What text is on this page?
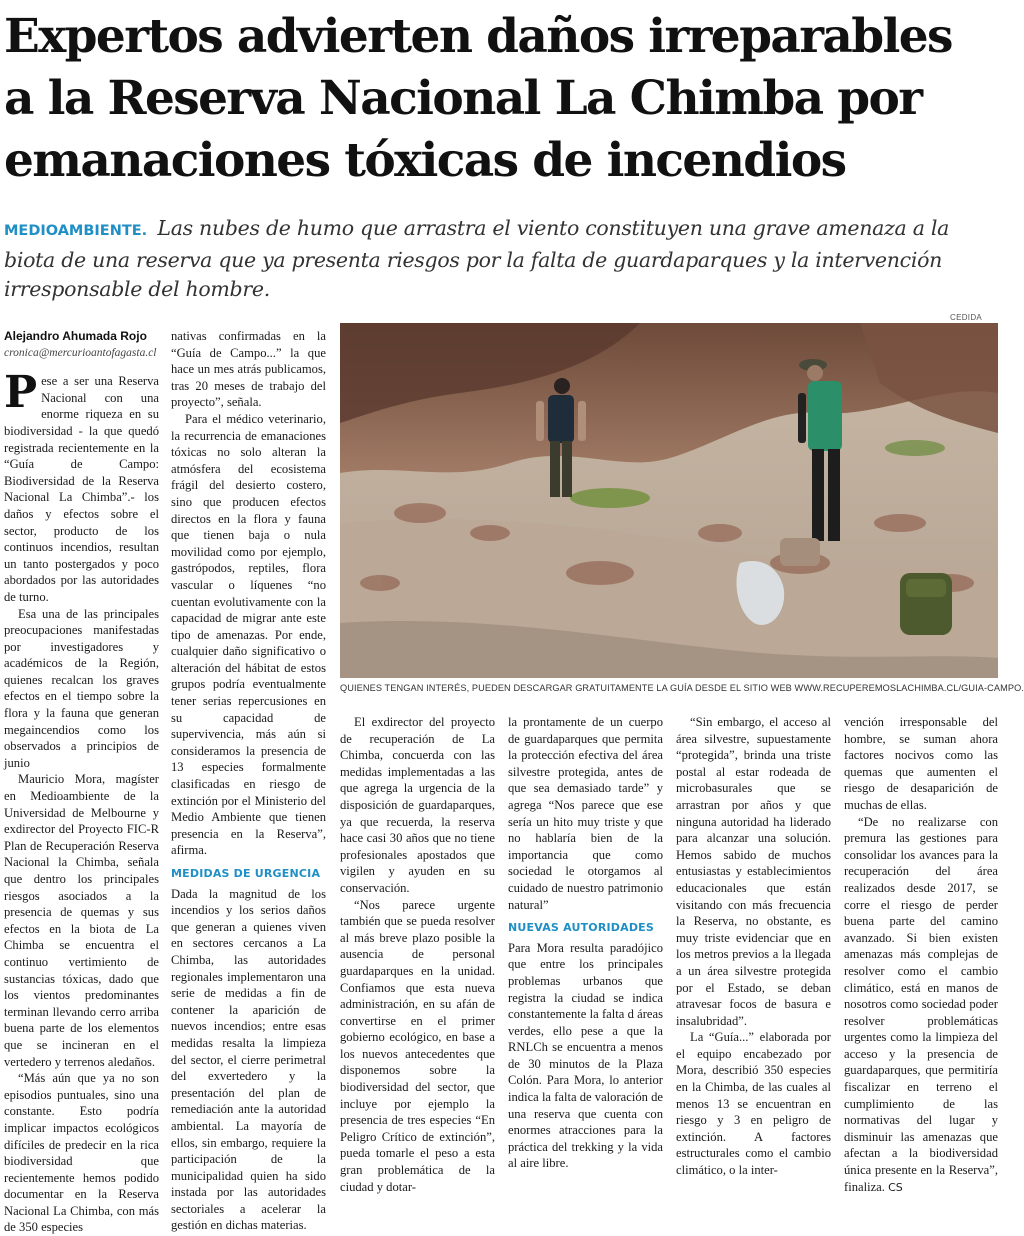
Expertos advierten daños irreparables
a la Reserva Nacional La Chimba por
emanaciones tóxicas de incendios
MEDIOAMBIENTE. Las nubes de humo que arrastra el viento constituyen una grave amenaza a la biota de una reserva que ya presenta riesgos por la falta de guardaparques y la intervención irresponsable del hombre.
Alejandro Ahumada Rojo
cronica@mercurioantofagasta.cl

Pese a ser una Reserva Nacional con una enorme riqueza en su biodiversidad - la que quedó registrada recientemente en la “Guía de Campo: Biodiversidad de la Reserva Nacional La Chimba”.- los daños y efectos sobre el sector, producto de los continuos incendios, resultan un tanto postergados y poco abordados por las autoridades de turno.

Esa una de las principales preocupaciones manifestadas por investigadores y académicos de la Región, quienes recalcan los graves efectos en el tiempo sobre la flora y la fauna que generan megaincendios como los observados a principios de junio

Mauricio Mora, magíster en Medioambiente de la Universidad de Melbourne y exdirector del Proyecto FIC-R Plan de Recuperación Reserva Nacional la Chimba, señala que dentro los principales riesgos asociados a la presencia de quemas y sus efectos en la biota de La Chimba se encuentra el continuo vertimiento de sustancias tóxicas, dado que los vientos predominantes terminan llevando cerro arriba buena parte de los elementos que se incineran en el vertedero y terrenos aledaños.

“Más aún que ya no son episodios puntuales, sino una constante. Esto podría implicar impactos ecológicos difíciles de predecir en la rica biodiversidad que recientemente hemos podido documentar en la Reserva Nacional La Chimba, con más de 350 especies

nativas confirmadas en la “Guía de Campo...” la que hace un mes atrás publicamos, tras 20 meses de trabajo del proyecto”, señala.

Para el médico veterinario, la recurrencia de emanaciones tóxicas no solo alteran la atmósfera del ecosistema frágil del desierto costero, sino que producen efectos directos en la flora y fauna que tienen baja o nula movilidad como por ejemplo, gastrópodos, reptiles, flora vascular o líquenes “no cuentan evolutivamente con la capacidad de migrar ante este tipo de amenazas. Por ende, cualquier daño significativo o alteración del hábitat de estos grupos podría eventualmente tener serias repercusiones en su capacidad de supervivencia, más aún si consideramos la presencia de 13 especies formalmente clasificadas en riesgo de extinción por el Ministerio del Medio Ambiente que tienen presencia en la Reserva”, afirma.

MEDIDAS DE URGENCIA

Dada la magnitud de los incendios y los serios daños que generan a quienes viven en sectores cercanos a La Chimba, las autoridades regionales implementaron una serie de medidas a fin de contener la aparición de nuevos incendios; entre esas medidas resalta la limpieza del sector, el cierre perimetral del exvertedero y la presentación del plan de remediación ante la autoridad ambiental. La mayoría de ellos, sin embargo, requiere la participación de la municipalidad quien ha sido instada por las autoridades sectoriales a acelerar la gestión en dichas materias.

CEDIDA
QUIENES TENGAN INTERÉS, PUEDEN DESCARGAR GRATUITAMENTE LA GUÍA DESDE EL SITIO WEB WWW.RECUPEREMOSLACHIMBA.CL/GUIA-CAMPO.

El exdirector del proyecto de recuperación de La Chimba, concuerda con las medidas implementadas a las que agrega la urgencia de la disposición de guardaparques, ya que recuerda, la reserva hace casi 30 años que no tiene profesionales apostados que vigilen y ayuden en su conservación.

“Nos parece urgente también que se pueda resolver al más breve plazo posible la ausencia de personal guardaparques en la unidad. Confiamos que esta nueva administración, en su afán de convertirse en el primer gobierno ecológico, en base a los nuevos antecedentes que disponemos sobre la biodiversidad del sector, que incluye por ejemplo la presencia de tres especies “En Peligro Crítico de extinción”, pueda tomarle el peso a esta gran problemática de la ciudad y dotar-

la prontamente de un cuerpo de guardaparques que permita la protección efectiva del área silvestre protegida, antes de que sea demasiado tarde” y agrega “Nos parece que ese sería un hito muy triste y que no hablaría bien de la importancia que como sociedad le otorgamos al cuidado de nuestro patrimonio natural”

NUEVAS AUTORIDADES

Para Mora resulta paradójico que entre los principales problemas urbanos que registra la ciudad se indica constantemente la falta d áreas verdes, ello pese a que la RNLCh se encuentra a menos de 30 minutos de la Plaza Colón. Para Mora, lo anterior indica la falta de valoración de una reserva que cuenta con enormes atracciones para la práctica del trekking y la vida al aire libre.

“Sin embargo, el acceso al área silvestre, supuestamente “protegida”, brinda una triste postal al estar rodeada de microbasurales que se arrastran por años y que ninguna autoridad ha liderado para alcanzar una solución. Hemos sabido de muchos entusiastas y establecimientos educacionales que están visitando con más frecuencia la Reserva, no obstante, es muy triste evidenciar que en los metros previos a la llegada a un área silvestre protegida por el Estado, se deban atravesar focos de basura e insalubridad”.

La “Guía...” elaborada por el equipo encabezado por Mora, describió 350 especies en la Chimba, de las cuales al menos 13 se encuentran en riesgo y 3 en peligro de extinción. A factores estructurales como el cambio climático, o la inter-

vención irresponsable del hombre, se suman ahora factores nocivos como las quemas que aumenten el riesgo de desaparición de muchas de ellas.

“De no realizarse con premura las gestiones para consolidar los avances para la recuperación del área realizados desde 2017, se corre el riesgo de perder buena parte del camino avanzado. Si bien existen amenazas más complejas de resolver como el cambio climático, está en manos de nosotros como sociedad poder resolver problemáticas urgentes como la limpieza del acceso y la presencia de guardaparques, que permitiría fiscalizar en terreno el cumplimiento de las normativas del lugar y disminuir las amenazas que afectan a la biodiversidad única presente en la Reserva”, finaliza. CS
